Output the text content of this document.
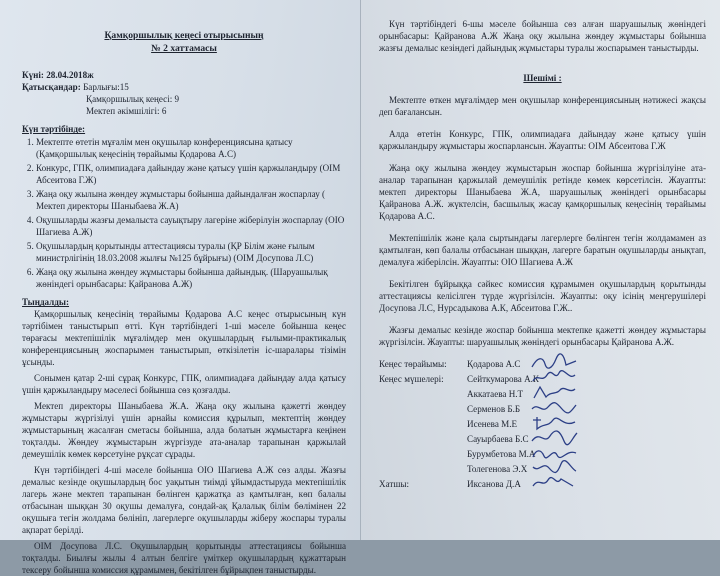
Қамқоршылық кеңесі отырысының
№ 2 хаттамасы
Күні: 28.04.2018ж
Қатысқандар: Барлығы:15
Қамқоршылық кеңесі: 9
Мектеп әкімшілігі: 6
Күн тәртібінде:
1. Мектепте өтетін мұғалім мен оқушылар конференциясына қатысу (Қамқоршылық кеңесінің төрайымы Қодарова А.С)
2. Конкурс, ГПК, олимпиадаға дайындау және қатысу үшін қаржыландыру (ОІМ Абсеитова Г.Ж)
3. Жаңа оқу жылына жөндеу жұмыстары бойынша дайындалған жоспарлау ( Мектеп директоры Шаныбаева Ж.А)
4. Оқушыларды жазғы демалыста сауықтыру лагеріне жіберілуін жоспарлау (ОІО Шагиева А.Ж)
5. Оқушылардың қорытынды аттестациясы туралы (ҚР Білім және ғылым министрлігінің 18.03.2008 жылғы №125 бұйрығы) (ОІМ Досупова Л.С)
6. Жаңа оқу жылына жөндеу жұмыстары бойынша дайындық. (Шаруашылық жөніндегі орынбасары: Қайранова А.Ж)
Тыңдалды:

Қамқоршылық кеңесінің төрайымы Қодарова А.С кеңес отырысының күн тәртібімен таныстырып өтті. Күн тәртібіндегі 1-ші мәселе бойынша кеңес төрағасы мектепішілік мұғалімдер мен оқушылардың ғылыми-практикалық конференциясының жоспарымен таныстырып, өткізілетін іс-шаралары тізімін ұсынды.

Сонымен қатар 2-ші сұрақ Конкурс, ГПК, олимпиадаға дайындау алда қатысу үшін қаржыландыру мәселесі бойынша сөз қозғалды.

Мектеп директоры Шаныбаева Ж.А. Жаңа оқу жылына қажетті жөндеу жұмыстары жүргізілуі үшін арнайы комиссия құрылып, мектептің жөндеу жұмыстарының жасалған сметасы бойынша, алда болатын жұмыстарға кеңінен тоқталды. Жөндеу жұмыстарын жүргізуде ата-аналар тарапынан қаржылай демеушілік көмек көрсетуіне рұқсат сұрады.

Күн тәртібіндегі 4-ші мәселе бойынша ОІО Шагиева А.Ж сөз алды. Жазғы демалыс кезінде оқушылардың бос уақытын тиімді ұйымдастыруда мектепішілік лагерь және мектеп тарапынан бөлінген қаржатқа аз қамтылған, көп балалы отбасынан шыққан 30 оқушы демалуға, сондай-ақ Қалалық білім бөлімінен 22 оқушыға тегін жолдама бөлініп, лагерлерге оқушыларды жіберу жоспары туралы ақпарат берілді.

ОІМ Досупова Л.С. Оқушылардың қорытынды аттестациясы бойынша тоқталды. Биылғы жылы 4 алтын белгіге үміткер оқушылардың құжаттарын тексеру бойынша комиссия құрамымен, бекітілген бұйрықпен таныстырды.

Күн тәртібіндегі 6-шы мәселе бойынша сөз алған шаруашылық жөніндегі орынбасары: Қайранова А.Ж Жаңа оқу жылына жөндеу жұмыстары бойынша жазғы демалыс кезіндегі дайындық жұмыстары туралы жоспарымен таныстырды.
Шешімі :
Мектепте өткен мұғалімдер мен оқушылар конференциясының нәтижесі жақсы деп бағалансын.
Алда өтетін Конкурс, ГПК, олимпиадаға дайындау және қатысу үшін қаржыландыру жұмыстары жоспарлансын. Жауапты: ОІМ Абсеитова Г.Ж
Жаңа оқу жылына жөндеу жұмыстарын жоспар бойынша жүргізілуіне ата-аналар тарапынан қаржылай демеушілік ретінде көмек көрсетілсін. Жауапты: мектеп директоры Шаныбаева Ж.А, шаруашылық жөніндегі орынбасары Қайранова А.Ж. жүктелсін, басшылық жасау қамқоршылық кеңесінің төрайымы Қодарова А.С.
Мектепішілік және қала сыртындағы лагерлерге бөлінген тегін жолдамамен аз қамтылған, көп балалы отбасынан шыққан, лагерге баратын оқушыларды анықтап, демалуға жіберілсін. Жауапты: ОІО Шагиева А.Ж
Бекітілген бұйрыққа сәйкес комиссия құрамымен оқушылардың қорытынды аттестациясы келісілген түрде жүргізілсін. Жауапты: оқу ісінің меңгерушілері Досупова Л.С, Нурсадыкова А.К, Абсеитова Г.Ж..
Жазғы демалыс кезінде жоспар бойынша мектепке қажетті жөндеу жұмыстары жүргізілсін. Жауапты: шаруашылық жөніндегі орынбасары Қайранова А.Ж.
Кеңес төрайымы: Қодарова А.С
Кеңес мүшелері:	Сейткумарова А.К
Аккатаева Н.Т
Серменов Б.Б
Исенева М.Е
Сауырбаева Б.С
Бурумбетова М.А
Толегенова Э.Х
Хатшы:	Иксанова Д.А
